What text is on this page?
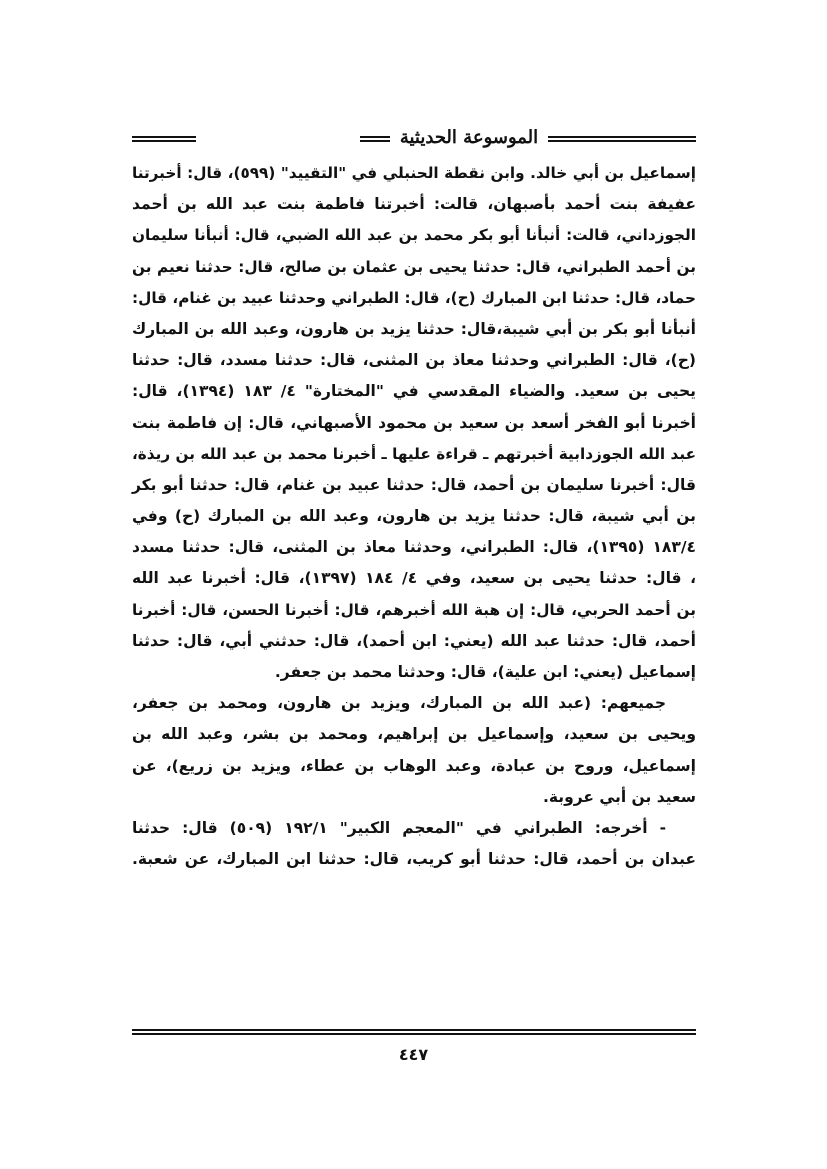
الموسوعة الحديثية
إسماعيل بن أبي خالد. وابن نقطة الحنبلي في "التقييد" (٥٩٩)، قال: أخبرتنا
عفيفة بنت أحمد بأصبهان، قالت: أخبرتنا فاطمة بنت عبد الله بن أحمد
الجوزداني، قالت: أنبأنا أبو بكر محمد بن عبد الله الضبي، قال: أنبأنا سليمان
بن أحمد الطبراني، قال: حدثنا يحيى بن عثمان بن صالح، قال: حدثنا نعيم بن
حماد، قال: حدثنا ابن المبارك (ح)، قال: الطبراني وحدثنا عبيد بن غنام، قال:
أنبأنا أبو بكر بن أبي شيبة،قال: حدثنا يزيد بن هارون، وعبد الله بن المبارك
(ح)، قال: الطبراني وحدثنا معاذ بن المثنى، قال: حدثنا مسدد، قال: حدثنا
يحيى بن سعيد. والضياء المقدسي في "المختارة" ٤/ ١٨٣ (١٣٩٤)، قال:
أخبرنا أبو الفخر أسعد بن سعيد بن محمود الأصبهاني، قال: إن فاطمة بنت
عبد الله الجوزدابية أخبرتهم ـ قراءة عليها ـ أخبرنا محمد بن عبد الله بن ريذة،
قال: أخبرنا سليمان بن أحمد، قال: حدثنا عبيد بن غنام، قال: حدثنا أبو بكر
بن أبي شيبة، قال: حدثنا يزيد بن هارون، وعبد الله بن المبارك (ح) وفي
١٨٣/٤ (١٣٩٥)، قال: الطبراني، وحدثنا معاذ بن المثنى، قال: حدثنا مسدد
، قال: حدثنا يحيى بن سعيد، وفي ٤/ ١٨٤ (١٣٩٧)، قال: أخبرنا عبد الله
بن أحمد الحربي، قال: إن هبة الله أخبرهم، قال: أخبرنا الحسن، قال: أخبرنا
أحمد، قال: حدثنا عبد الله (يعني: ابن أحمد)، قال: حدثني أبي، قال: حدثنا
إسماعيل (يعني: ابن علية)، قال: وحدثنا محمد بن جعفر.
جميعهم: (عبد الله بن المبارك، ويزيد بن هارون، ومحمد بن جعفر،
ويحيى بن سعيد، وإسماعيل بن إبراهيم، ومحمد بن بشر، وعبد الله بن
إسماعيل، وروح بن عبادة، وعبد الوهاب بن عطاء، ويزيد بن زريع)، عن
سعيد بن أبي عروبة.
- أخرجه: الطبراني في "المعجم الكبير" ١٩٢/١ (٥٠٩) قال: حدثنا
عبدان بن أحمد، قال: حدثنا أبو كريب، قال: حدثنا ابن المبارك، عن شعبة.
٤٤٧
